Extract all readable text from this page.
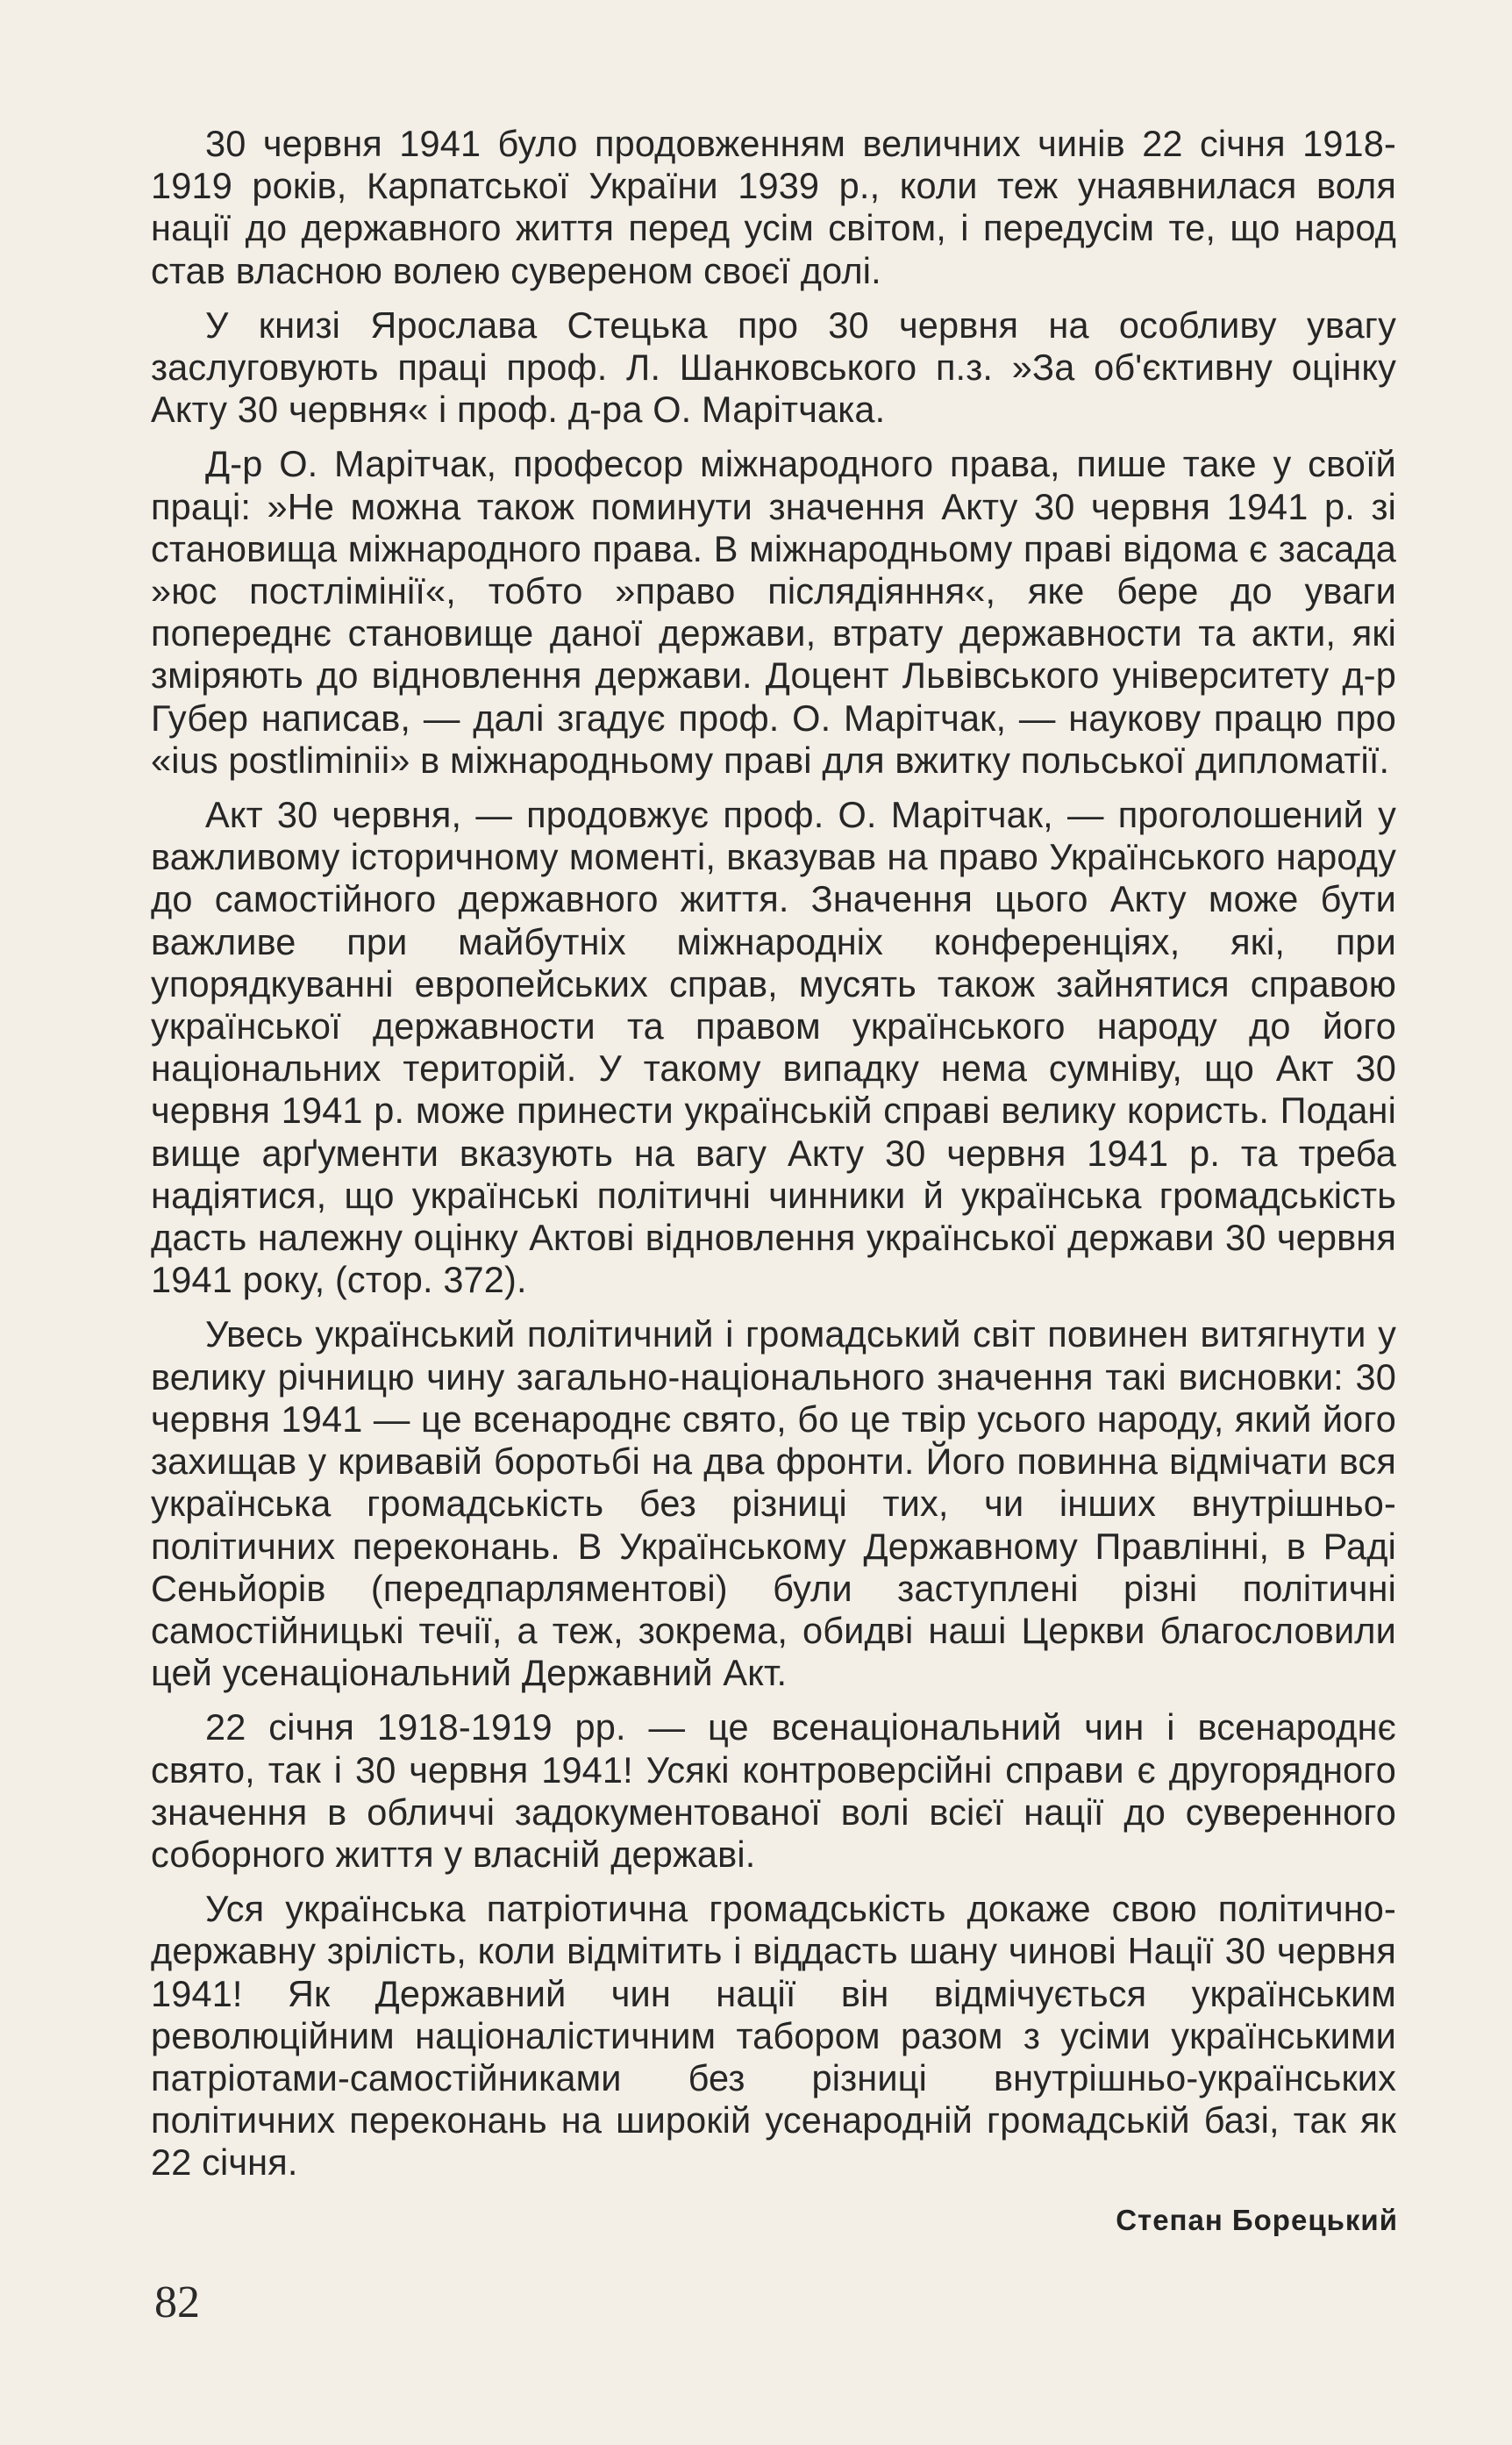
30 червня 1941 було продовженням величних чинів 22 січня 1918-1919 років, Карпатської України 1939 р., коли теж унаявнилася воля нації до державного життя перед усім світом, і передусім те, що народ став власною волею сувереном своєї долі.

У книзі Ярослава Стецька про 30 червня на особливу увагу заслуговують праці проф. Л. Шанковського п.з. »За об'єктивну оцінку Акту 30 червня« і проф. д-ра О. Марітчака.

Д-р О. Марітчак, професор міжнародного права, пише таке у своїй праці: »Не можна також поминути значення Акту 30 червня 1941 р. зі становища міжнародного права. В міжнародньому праві відома є засада »юс постлімінії«, тобто »право післядіяння«, яке бере до уваги попереднє становище даної держави, втрату державности та акти, які зміряють до відновлення держави. Доцент Львівського університету д-р Губер написав, — далі згадує проф. О. Марітчак, — наукову працю про «ius postliminii» в міжнародньому праві для вжитку польської дипломатії.

Акт 30 червня, — продовжує проф. О. Марітчак, — проголошений у важливому історичному моменті, вказував на право Українського народу до самостійного державного життя. Значення цього Акту може бути важливе при майбутніх міжнародніх конференціях, які, при упорядкуванні европейських справ, мусять також зайнятися справою української державности та правом українського народу до його національних територій. У такому випадку нема сумніву, що Акт 30 червня 1941 р. може принести українській справі велику користь. Подані вище арґументи вказують на вагу Акту 30 червня 1941 р. та треба надіятися, що українські політичні чинники й українська громадськість дасть належну оцінку Актові відновлення української держави 30 червня 1941 року, (стор. 372).

Увесь український політичний і громадський світ повинен витягнути у велику річницю чину загально-національного значення такі висновки: 30 червня 1941 — це всенароднє свято, бо це твір усього народу, який його захищав у кривавій боротьбі на два фронти. Його повинна відмічати вся українська громадськість без різниці тих, чи інших внутрішньо-політичних переконань. В Українському Державному Правлінні, в Раді Сеньйорів (передпарляментові) були заступлені різні політичні самостійницькі течії, а теж, зокрема, обидві наші Церкви благословили цей усенаціональний Державний Акт.

22 січня 1918-1919 рр. — це всенаціональний чин і всенароднє свято, так і 30 червня 1941! Усякі контроверсійні справи є другорядного значення в обличчі задокументованої волі всієї нації до суверенного соборного життя у власній державі.

Уся українська патріотична громадськість докаже свою політично-державну зрілість, коли відмітить і віддасть шану чинові Нації 30 червня 1941! Як Державний чин нації він відмічується українським революційним націоналістичним табором разом з усіми українськими патріотами-самостійниками без різниці внутрішньо-українських політичних переконань на широкій усенародній громадській базі, так як 22 січня.

Степан Борецький
82
